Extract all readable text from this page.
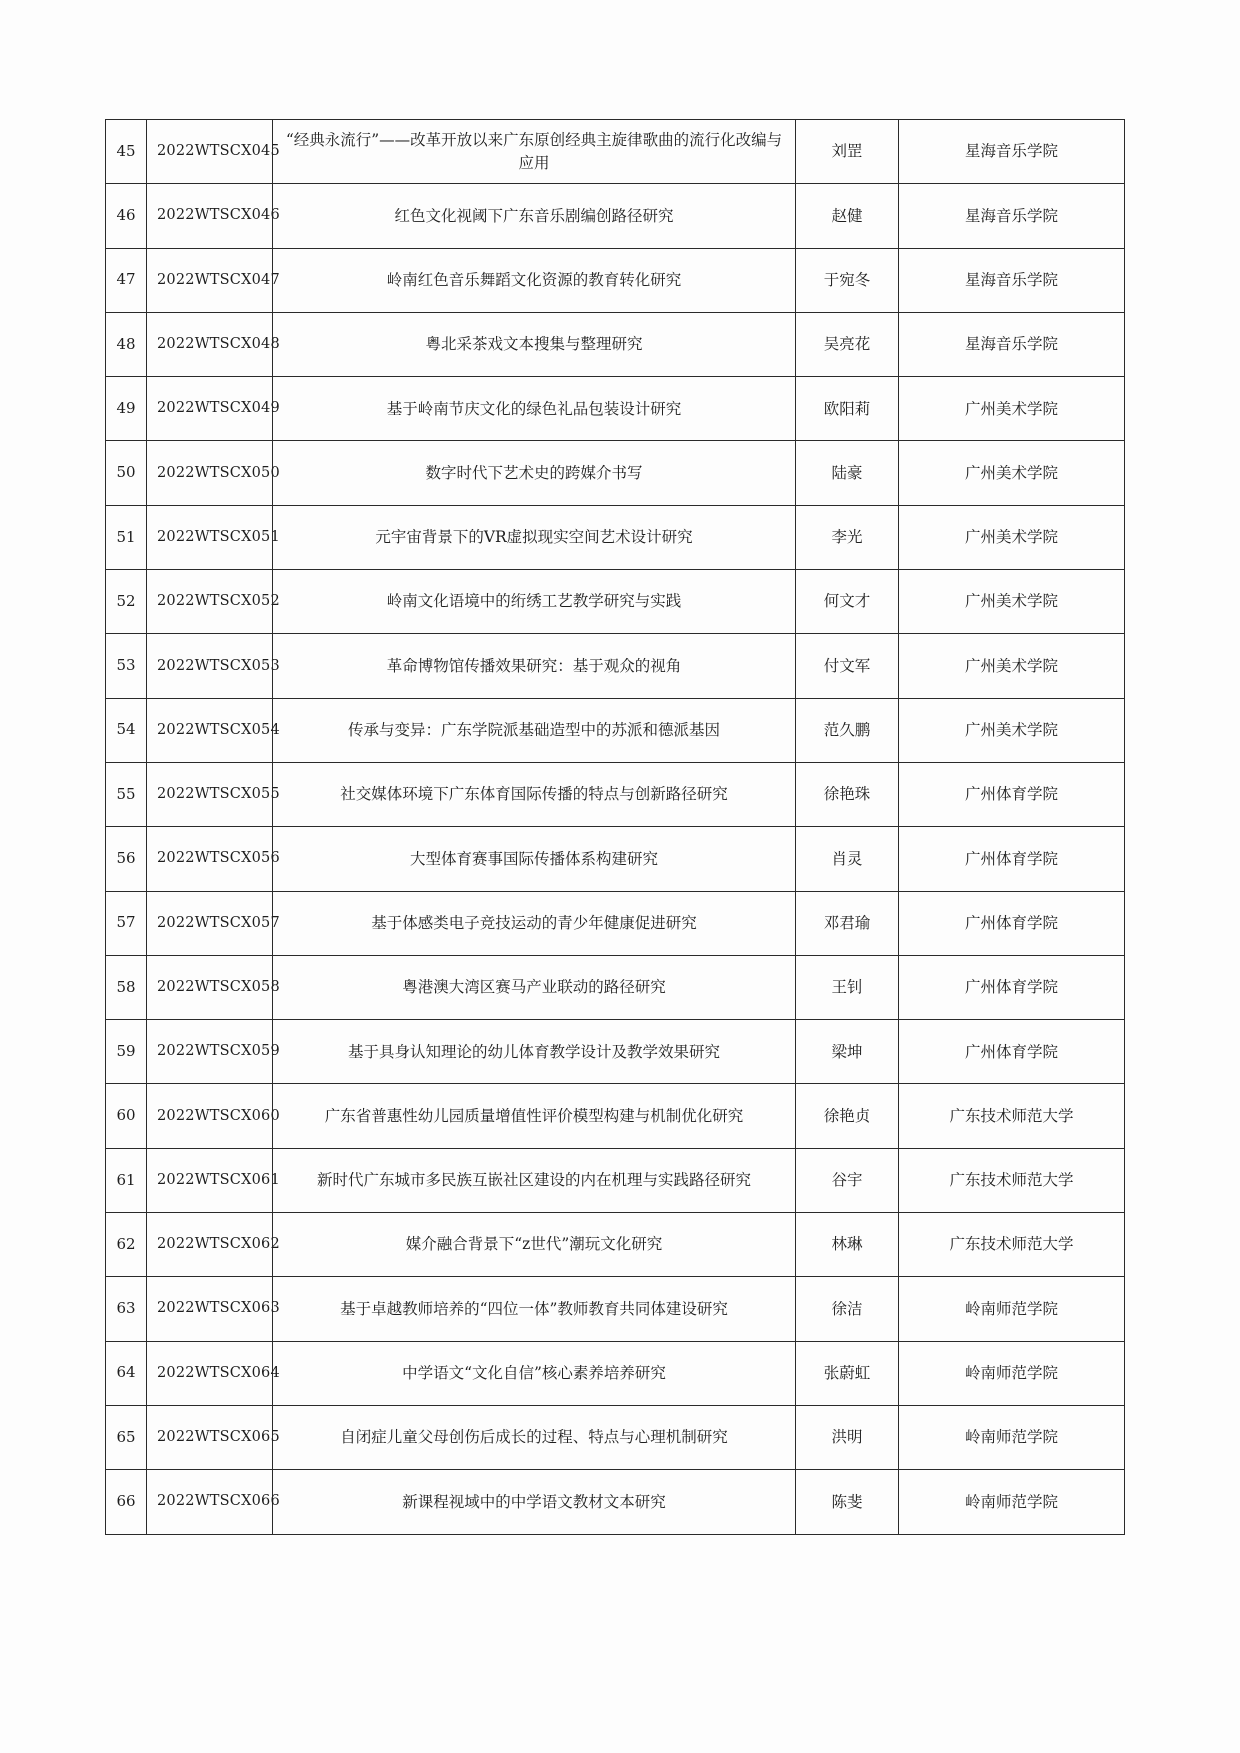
45	2022WTSCX045	“经典永流行”——改革开放以来广东原创经典主旋律歌曲的流行化改编与应用	刘罡	星海音乐学院
46	2022WTSCX046	红色文化视阈下广东音乐剧编创路径研究	赵健	星海音乐学院
47	2022WTSCX047	岭南红色音乐舞蹈文化资源的教育转化研究	于宛冬	星海音乐学院
48	2022WTSCX048	粤北采茶戏文本搜集与整理研究	吴亮花	星海音乐学院
49	2022WTSCX049	基于岭南节庆文化的绿色礼品包装设计研究	欧阳莉	广州美术学院
50	2022WTSCX050	数字时代下艺术史的跨媒介书写	陆豪	广州美术学院
51	2022WTSCX051	元宇宙背景下的VR虚拟现实空间艺术设计研究	李光	广州美术学院
52	2022WTSCX052	岭南文化语境中的绗绣工艺教学研究与实践	何文才	广州美术学院
53	2022WTSCX053	革命博物馆传播效果研究：基于观众的视角	付文军	广州美术学院
54	2022WTSCX054	传承与变异：广东学院派基础造型中的苏派和德派基因	范久鹏	广州美术学院
55	2022WTSCX055	社交媒体环境下广东体育国际传播的特点与创新路径研究	徐艳珠	广州体育学院
56	2022WTSCX056	大型体育赛事国际传播体系构建研究	肖灵	广州体育学院
57	2022WTSCX057	基于体感类电子竞技运动的青少年健康促进研究	邓君瑜	广州体育学院
58	2022WTSCX058	粤港澳大湾区赛马产业联动的路径研究	王钊	广州体育学院
59	2022WTSCX059	基于具身认知理论的幼儿体育教学设计及教学效果研究	梁坤	广州体育学院
60	2022WTSCX060	广东省普惠性幼儿园质量增值性评价模型构建与机制优化研究	徐艳贞	广东技术师范大学
61	2022WTSCX061	新时代广东城市多民族互嵌社区建设的内在机理与实践路径研究	谷宇	广东技术师范大学
62	2022WTSCX062	媒介融合背景下“z世代”潮玩文化研究	林琳	广东技术师范大学
63	2022WTSCX063	基于卓越教师培养的“四位一体”教师教育共同体建设研究	徐洁	岭南师范学院
64	2022WTSCX064	中学语文“文化自信”核心素养培养研究	张蔚虹	岭南师范学院
65	2022WTSCX065	自闭症儿童父母创伤后成长的过程、特点与心理机制研究	洪明	岭南师范学院
66	2022WTSCX066	新课程视域中的中学语文教材文本研究	陈斐	岭南师范学院
